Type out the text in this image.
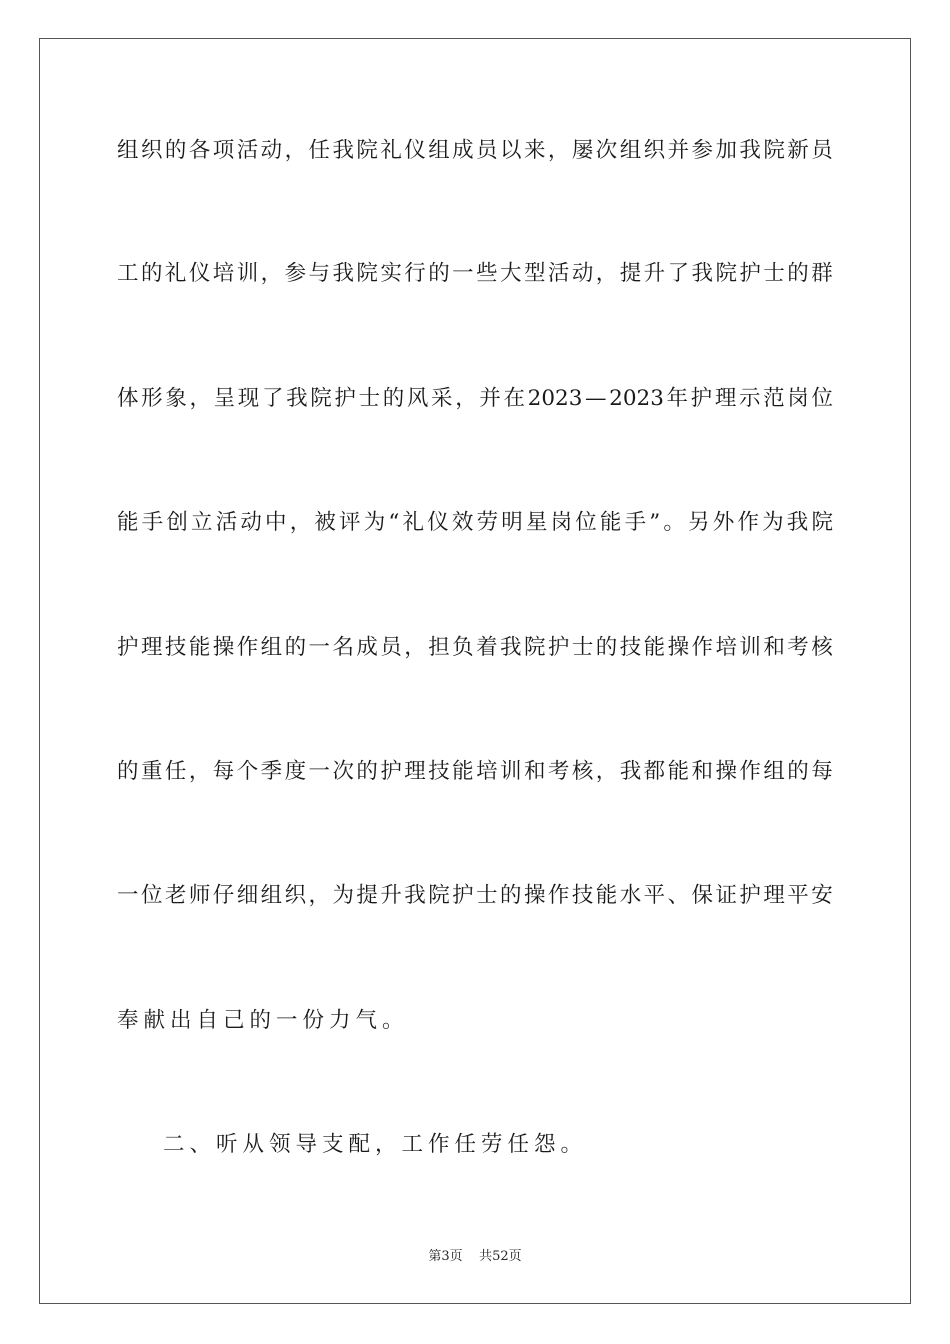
组 织 的 各 项 活 动 ， 任 我 院 礼 仪 组 成 员 以 来 ， 屡 次 组 织 并 参 加 我 院 新 员
工 的 礼 仪 培 训 ， 参 与 我 院 实 行 的 一 些 大 型 活 动 ， 提 升 了 我 院 护 士 的 群
体 形 象 ， 呈 现 了 我 院 护 士 的 风 采 ， 并 在 2023 — 2023 年 护 理 示 范 岗 位
能 手 创 立 活 动 中 ， 被 评 为 “ 礼 仪 效 劳 明 星 岗 位 能 手 ” 。 另 外 作 为 我 院
护 理 技 能 操 作 组 的 一 名 成 员 ， 担 负 着 我 院 护 士 的 技 能 操 作 培 训 和 考 核
的 重 任 ， 每 个 季 度 一 次 的 护 理 技 能 培 训 和 考 核 ， 我 都 能 和 操 作 组 的 每
一 位 老 师 仔 细 组 织 ， 为 提 升 我 院 护 士 的 操 作 技 能 水 平 、 保 证 护 理 平 安
奉献出自己的一份力气。
二、听从领导支配，工作任劳任怨。
第3页 共52页
